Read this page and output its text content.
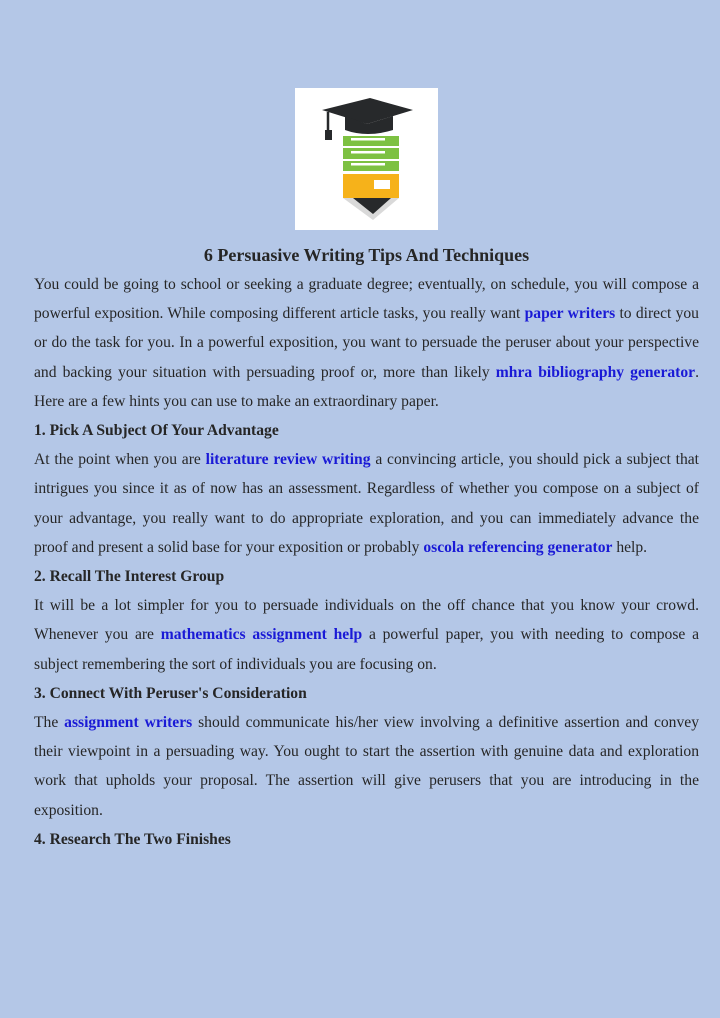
6 Persuasive Writing Tips And Techniques

You could be going to school or seeking a graduate degree; eventually, on schedule, you will compose a powerful exposition. While composing different article tasks, you really want paper writers to direct you or do the task for you. In a powerful exposition, you want to persuade the peruser about your perspective and backing your situation with persuading proof or, more than likely mhra bibliography generator. Here are a few hints you can use to make an extraordinary paper.

1. Pick A Subject Of Your Advantage

At the point when you are literature review writing a convincing article, you should pick a subject that intrigues you since it as of now has an assessment. Regardless of whether you compose on a subject of your advantage, you really want to do appropriate exploration, and you can immediately advance the proof and present a solid base for your exposition or probably oscola referencing generator help.

2. Recall The Interest Group

It will be a lot simpler for you to persuade individuals on the off chance that you know your crowd. Whenever you are mathematics assignment help a powerful paper, you with needing to compose a subject remembering the sort of individuals you are focusing on.

3. Connect With Peruser's Consideration

The assignment writers should communicate his/her view involving a definitive assertion and convey their viewpoint in a persuading way. You ought to start the assertion with genuine data and exploration work that upholds your proposal. The assertion will give perusers that you are introducing in the exposition.

4. Research The Two Finishes
